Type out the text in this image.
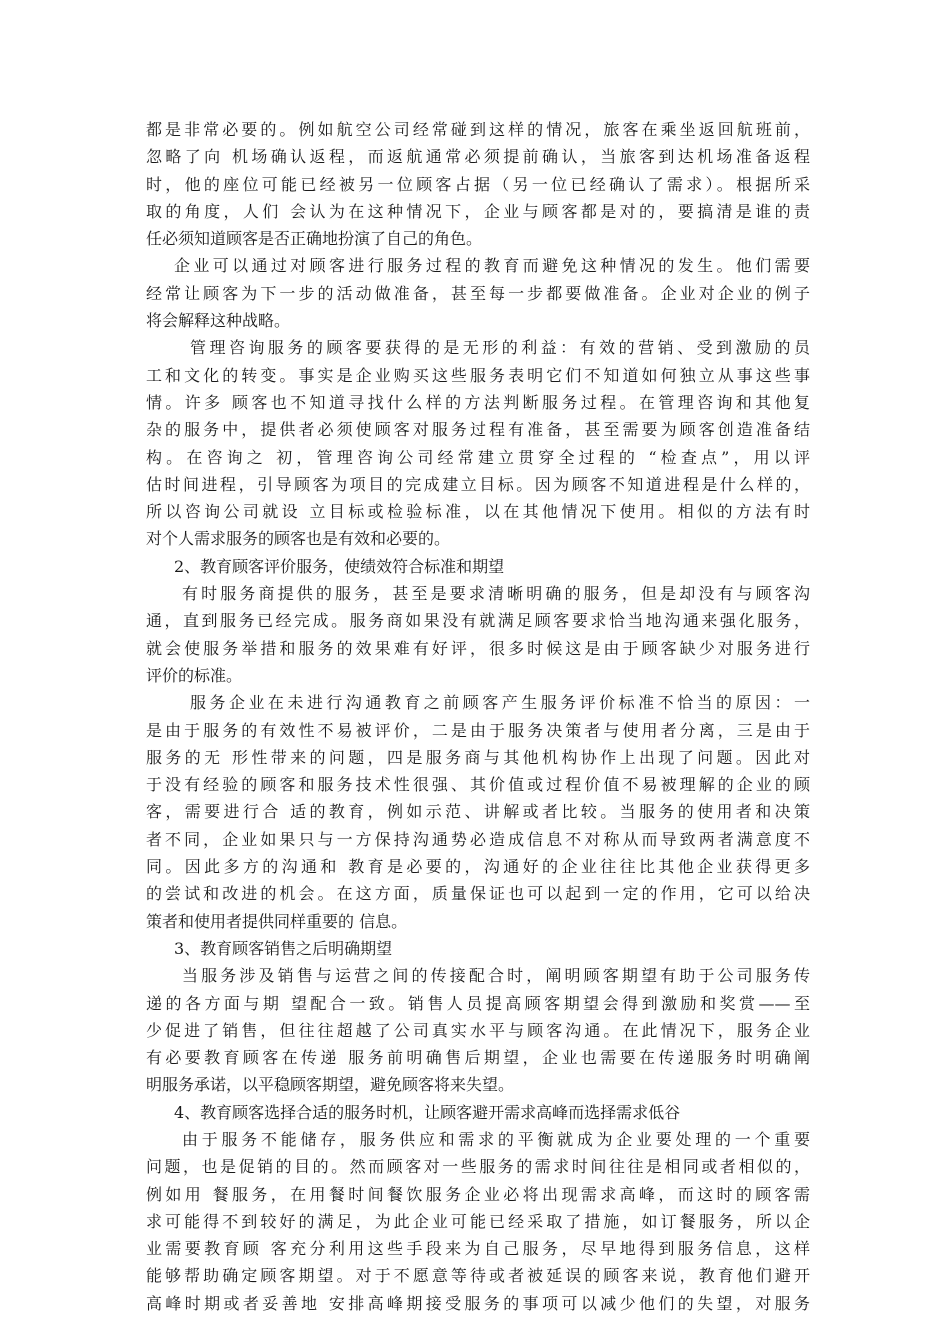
都是非常必要的。例如航空公司经常碰到这样的情况，旅客在乘坐返回航班前，
忽略了向 机场确认返程，而返航通常必须提前确认，当旅客到达机场准备返程
时，他的座位可能已经被另一位顾客占据（另一位已经确认了需求）。根据所采
取的角度，人们 会认为在这种情况下，企业与顾客都是对的，要搞清是谁的责
任必须知道顾客是否正确地扮演了自己的角色。
企业可以通过对顾客进行服务过程的教育而避免这种情况的发生。他们需要
经常让顾客为下一步的活动做准备，甚至每一步都要做准备。企业对企业的例子
将会解释这种战略。
管理咨询服务的顾客要获得的是无形的利益：有效的营销、受到激励的员
工和文化的转变。事实是企业购买这些服务表明它们不知道如何独立从事这些事
情。许多 顾客也不知道寻找什么样的方法判断服务过程。在管理咨询和其他复
杂的服务中，提供者必须使顾客对服务过程有准备，甚至需要为顾客创造准备结
构。在咨询之 初，管理咨询公司经常建立贯穿全过程的 “检查点”，用以评
估时间进程，引导顾客为项目的完成建立目标。因为顾客不知道进程是什么样的，
所以咨询公司就设 立目标或检验标准，以在其他情况下使用。相似的方法有时
对个人需求服务的顾客也是有效和必要的。
2、教育顾客评价服务，使绩效符合标准和期望
有时服务商提供的服务，甚至是要求清晰明确的服务，但是却没有与顾客沟
通，直到服务已经完成。服务商如果没有就满足顾客要求恰当地沟通来强化服务，
就会使服务举措和服务的效果难有好评，很多时候这是由于顾客缺少对服务进行
评价的标准。
服务企业在未进行沟通教育之前顾客产生服务评价标准不恰当的原因：一
是由于服务的有效性不易被评价，二是由于服务决策者与使用者分离，三是由于
服务的无 形性带来的问题，四是服务商与其他机构协作上出现了问题。因此对
于没有经验的顾客和服务技术性很强、其价值或过程价值不易被理解的企业的顾
客，需要进行合 适的教育，例如示范、讲解或者比较。当服务的使用者和决策
者不同，企业如果只与一方保持沟通势必造成信息不对称从而导致两者满意度不
同。因此多方的沟通和 教育是必要的，沟通好的企业往往比其他企业获得更多
的尝试和改进的机会。在这方面，质量保证也可以起到一定的作用，它可以给决
策者和使用者提供同样重要的 信息。
3、教育顾客销售之后明确期望
当服务涉及销售与运营之间的传接配合时，阐明顾客期望有助于公司服务传
递的各方面与期 望配合一致。销售人员提高顾客期望会得到激励和奖赏——至
少促进了销售，但往往超越了公司真实水平与顾客沟通。在此情况下，服务企业
有必要教育顾客在传递 服务前明确售后期望，企业也需要在传递服务时明确阐
明服务承诺，以平稳顾客期望，避免顾客将来失望。
4、教育顾客选择合适的服务时机，让顾客避开需求高峰而选择需求低谷
由于服务不能储存，服务供应和需求的平衡就成为企业要处理的一个重要
问题，也是促销的目的。然而顾客对一些服务的需求时间往往是相同或者相似的，
例如用 餐服务，在用餐时间餐饮服务企业必将出现需求高峰，而这时的顾客需
求可能得不到较好的满足，为此企业可能已经采取了措施，如订餐服务，所以企
业需要教育顾 客充分利用这些手段来为自己服务，尽早地得到服务信息，这样
能够帮助确定顾客期望。对于不愿意等待或者被延误的顾客来说，教育他们避开
高峰时期或者妥善地 安排高峰期接受服务的事项可以减少他们的失望，对服务
